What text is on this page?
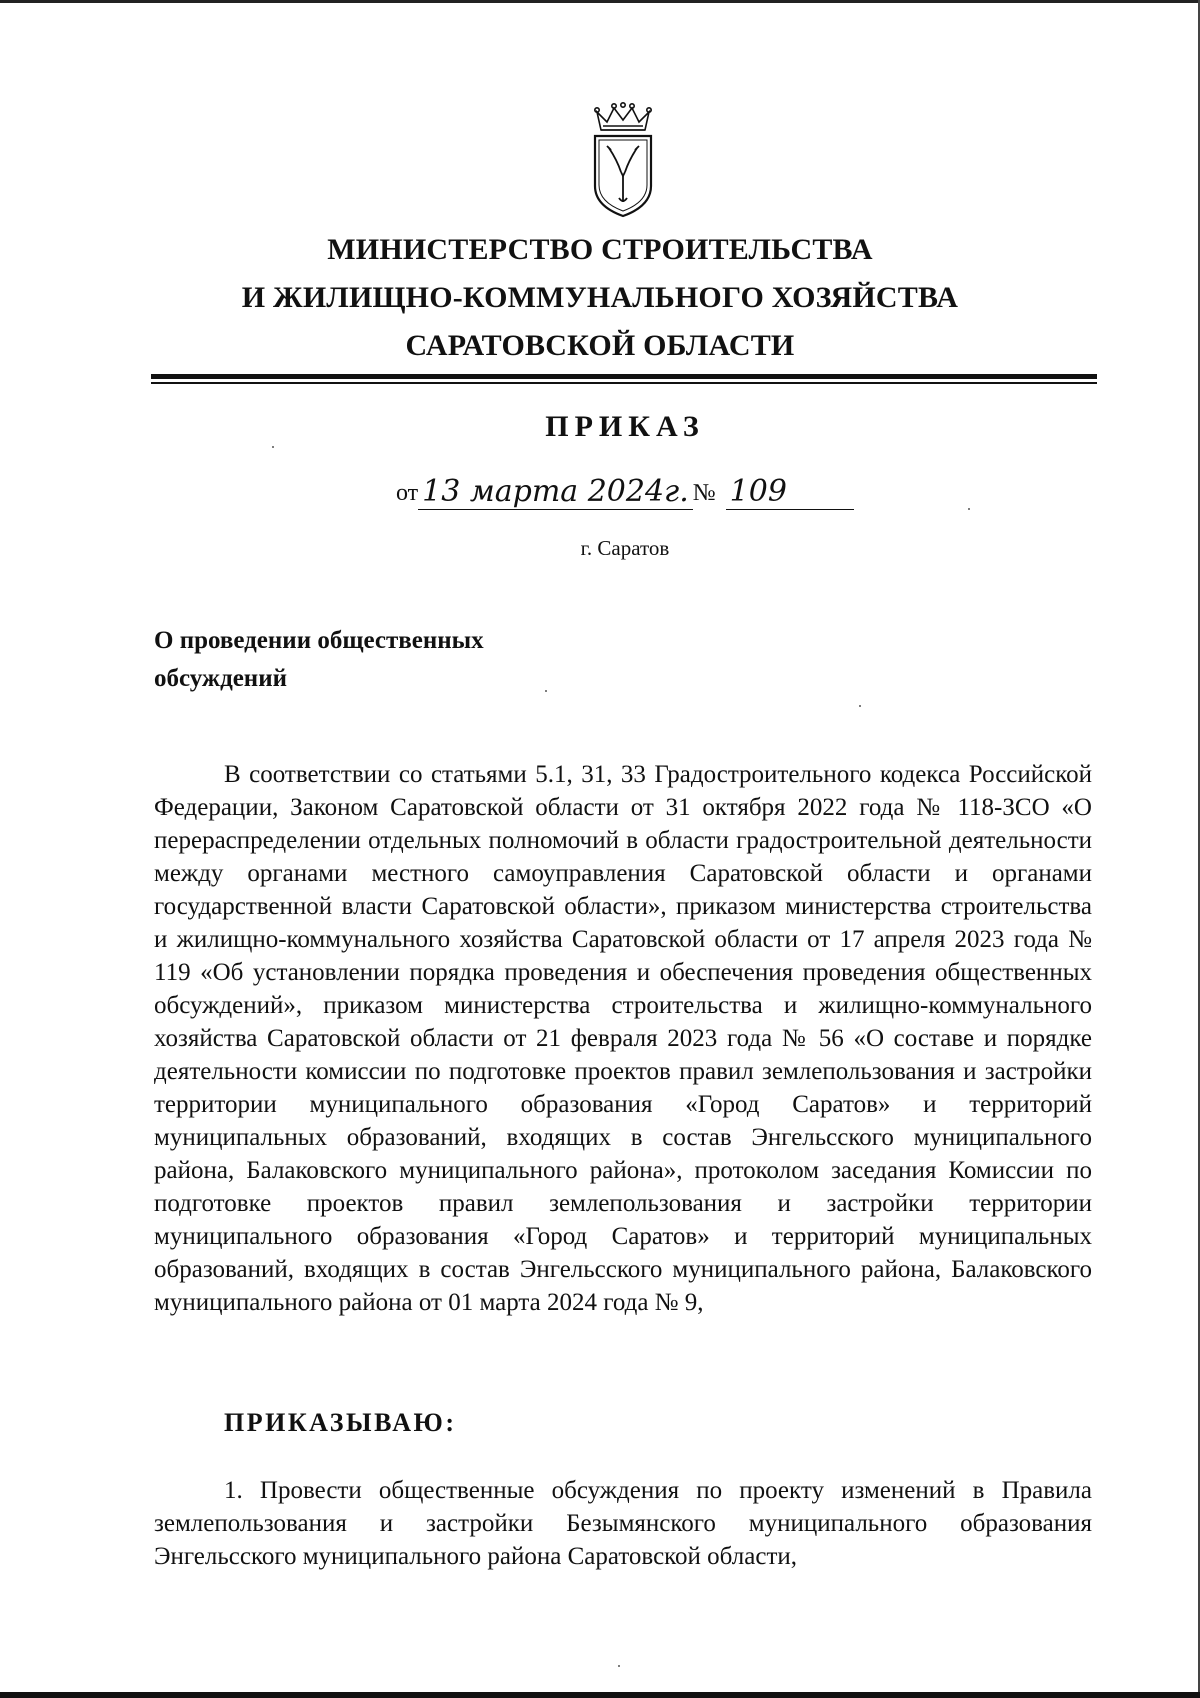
МИНИСТЕРСТВО СТРОИТЕЛЬСТВА
И ЖИЛИЩНО-КОММУНАЛЬНОГО ХОЗЯЙСТВА
САРАТОВСКОЙ ОБЛАСТИ
ПРИКАЗ
от 13 марта 2024г. № 109
г. Саратов
О проведении общественных
обсуждений

В соответствии со статьями 5.1, 31, 33 Градостроительного кодекса Российской Федерации, Законом Саратовской области от 31 октября 2022 года № 118-ЗСО «О перераспределении отдельных полномочий в области градостроительной деятельности между органами местного самоуправления Саратовской области и органами государственной власти Саратовской области», приказом министерства строительства и жилищно-коммунального хозяйства Саратовской области от 17 апреля 2023 года № 119 «Об установлении порядка проведения и обеспечения проведения общественных обсуждений», приказом министерства строительства и жилищно-коммунального хозяйства Саратовской области от 21 февраля 2023 года № 56 «О составе и порядке деятельности комиссии по подготовке проектов правил землепользования и застройки территории муниципального образования «Город Саратов» и территорий муниципальных образований, входящих в состав Энгельсского муниципального района, Балаковского муниципального района», протоколом заседания Комиссии по подготовке проектов правил землепользования и застройки территории муниципального образования «Город Саратов» и территорий муниципальных образований, входящих в состав Энгельсского муниципального района, Балаковского муниципального района от 01 марта 2024 года № 9,

ПРИКАЗЫВАЮ:

1. Провести общественные обсуждения по проекту изменений в Правила землепользования и застройки Безымянского муниципального образования Энгельсского муниципального района Саратовской области,
